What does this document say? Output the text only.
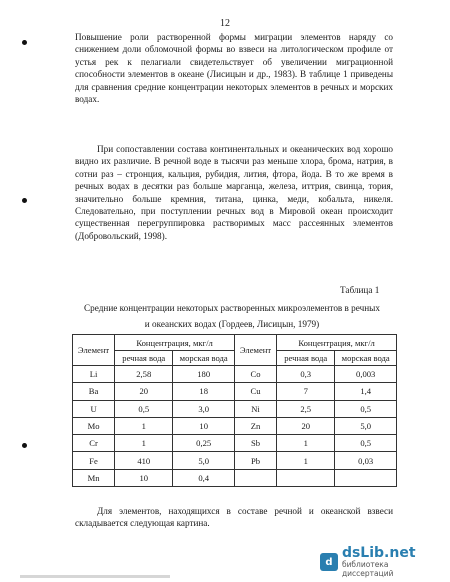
12

Повышение роли растворенной формы миграции элементов наряду со снижением доли обломочной формы во взвеси на литологическом профиле от устья рек к пелагиали свидетельствует об увеличении миграционной способности элементов в океане (Лисицын и др., 1983). В таблице 1 приведены для сравнения средние концентрации некоторых элементов в речных и морских водах.

При сопоставлении состава континентальных и океанических вод хорошо видно их различие. В речной воде в тысячи раз меньше хлора, брома, натрия, в сотни раз – стронция, кальция, рубидия, лития, фтора, йода. В то же время в речных водах в десятки раз больше марганца, железа, иттрия, свинца, тория, значительно больше кремния, титана, цинка, меди, кобальта, никеля. Следовательно, при поступлении речных вод в Мировой океан происходит существенная перегруппировка растворимых масс рассеянных элементов (Добровольский, 1998).

Таблица 1
Средние концентрации некоторых растворенных микроэлементов в речных
и океанских водах (Гордеев, Лисицын, 1979)
Элемент	Концентрация, мкг/л		Элемент	Концентрация, мкг/л	
	речная вода	морская вода		речная вода	морская вода
Li	2,58	180	Co	0,3	0,003
Ba	20	18	Cu	7	1,4
U	0,5	3,0	Ni	2,5	0,5
Mo	1	10	Zn	20	5,0
Cr	1	0,25	Sb	1	0,5
Fe	410	5,0	Pb	1	0,03
Mn	10	0,4			

Для элементов, находящихся в составе речной и океанской взвеси складывается следующая картина.

d
dsLib.net
библиотека диссертаций
